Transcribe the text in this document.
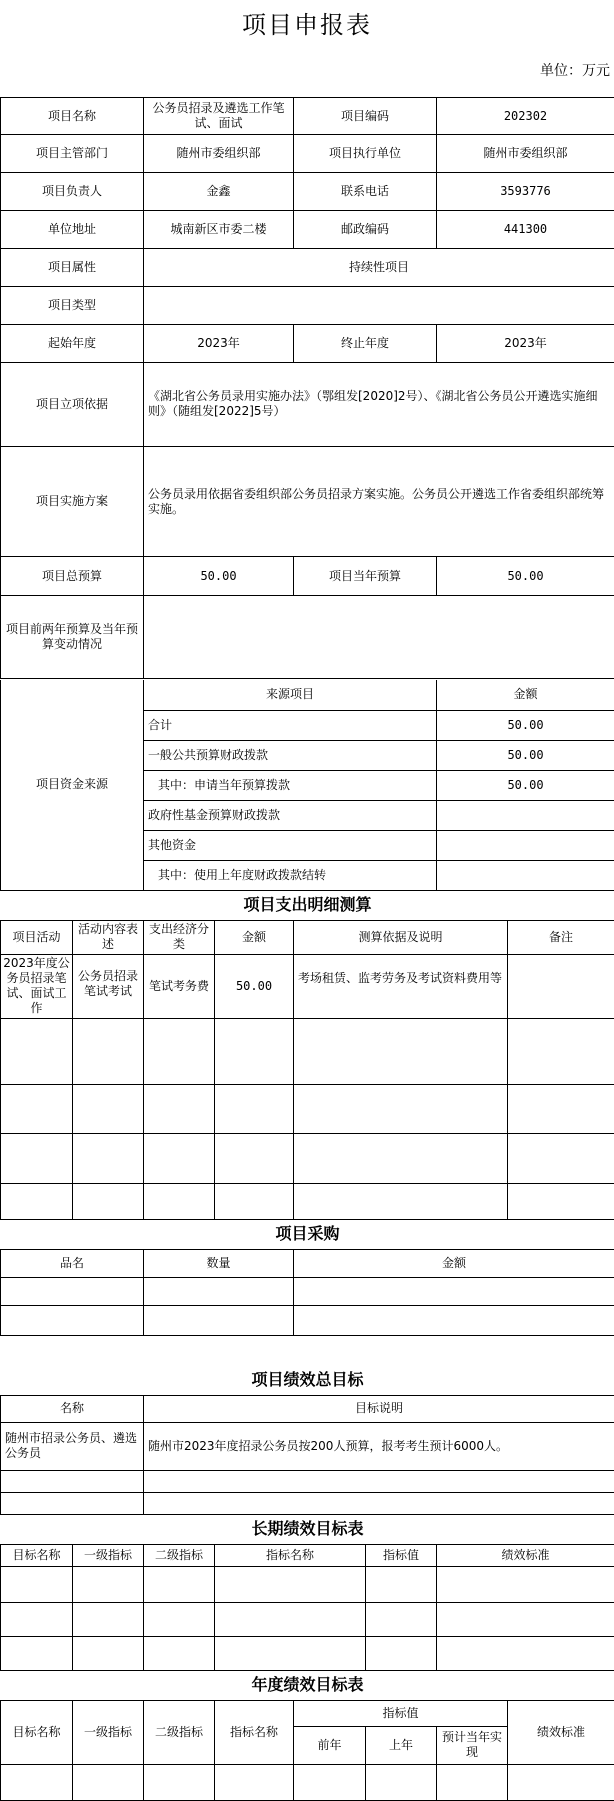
项目申报表
单位：万元
项目名称	公务员招录及遴选工作笔试、面试	项目编码	202302
项目主管部门	随州市委组织部	项目执行单位	随州市委组织部
项目负责人	金鑫	联系电话	3593776
单位地址	城南新区市委二楼	邮政编码	441300
项目属性	持续性项目		
项目类型			
起始年度	2023年	终止年度	2023年
项目立项依据	《湖北省公务员录用实施办法》（鄂组发[2020]2号）、《湖北省公务员公开遴选实施细则》（随组发[2022]5号）		
项目实施方案	公务员录用依据省委组织部公务员招录方案实施。公务员公开遴选工作省委组织部统筹实施。		
项目总预算	50.00	项目当年预算	50.00
项目前两年预算及当年预算变动情况			
项目资金来源	来源项目	金额
	合计	50.00
	一般公共预算财政拨款	50.00
	其中：申请当年预算拨款	50.00
	政府性基金预算财政拨款	
	其他资金	
	其中：使用上年度财政拨款结转	
项目支出明细测算					
项目活动	活动内容表述	支出经济分类	金额	测算依据及说明	备注
2023年度公务员招录笔试、面试工作	公务员招录笔试考试	笔试考务费	50.00	考场租赁、监考劳务及考试资料费用等	

项目采购		
品名	数量	金额

项目绩效总目标	
名称	目标说明
随州市招录公务员、遴选公务员	随州市2023年度招录公务员按200人预算，报考考生预计6000人。

长期绩效目标表					
目标名称	一级指标	二级指标	指标名称	指标值	绩效标准

年度绩效目标表							
目标名称	一级指标	二级指标	指标名称	指标值			绩效标准
				前年	上年	预计当年实现	
